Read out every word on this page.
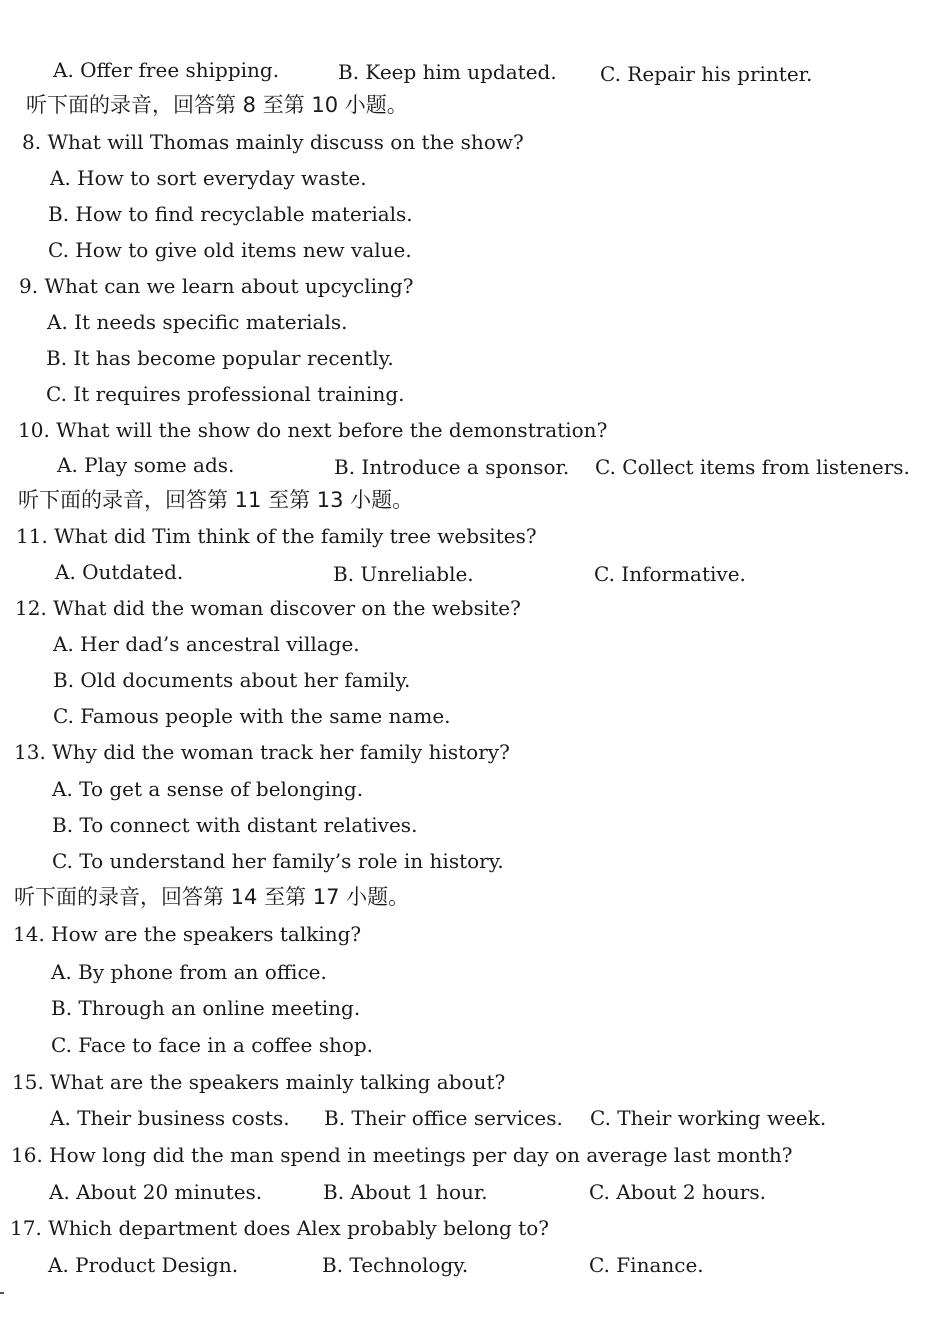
A. Offer free shipping.	B. Keep him updated. C. Repair his printer.
听下面的录音，回答第 8 至第 10 小题。
8. What will Thomas mainly discuss on the show?
A. How to sort everyday waste.
B. How to find recyclable materials.
C. How to give old items new value.
9. What can we learn about upcycling?
A. It needs specific materials.
B. It has become popular recently.
C. It requires professional training.
10. What will the show do next before the demonstration?
A. Play some ads.	B. Introduce a sponsor. C. Collect items from listeners.
听下面的录音，回答第 11 至第 13 小题。
11. What did Tim think of the family tree websites?
A. Outdated.	B. Unreliable.	C. Informative.
12. What did the woman discover on the website?
A. Her dad’s ancestral village.
B. Old documents about her family.
C. Famous people with the same name.
13. Why did the woman track her family history?
A. To get a sense of belonging.
B. To connect with distant relatives.
C. To understand her family’s role in history.
听下面的录音，回答第 14 至第 17 小题。
14. How are the speakers talking?
A. By phone from an office.
B. Through an online meeting.
C. Face to face in a coffee shop.
15. What are the speakers mainly talking about?
A. Their business costs. B. Their office services. C. Their working week.
16. How long did the man spend in meetings per day on average last month?
A. About 20 minutes.	B. About 1 hour.	C. About 2 hours.
17. Which department does Alex probably belong to?
A. Product Design.	B. Technology.	C. Finance.
